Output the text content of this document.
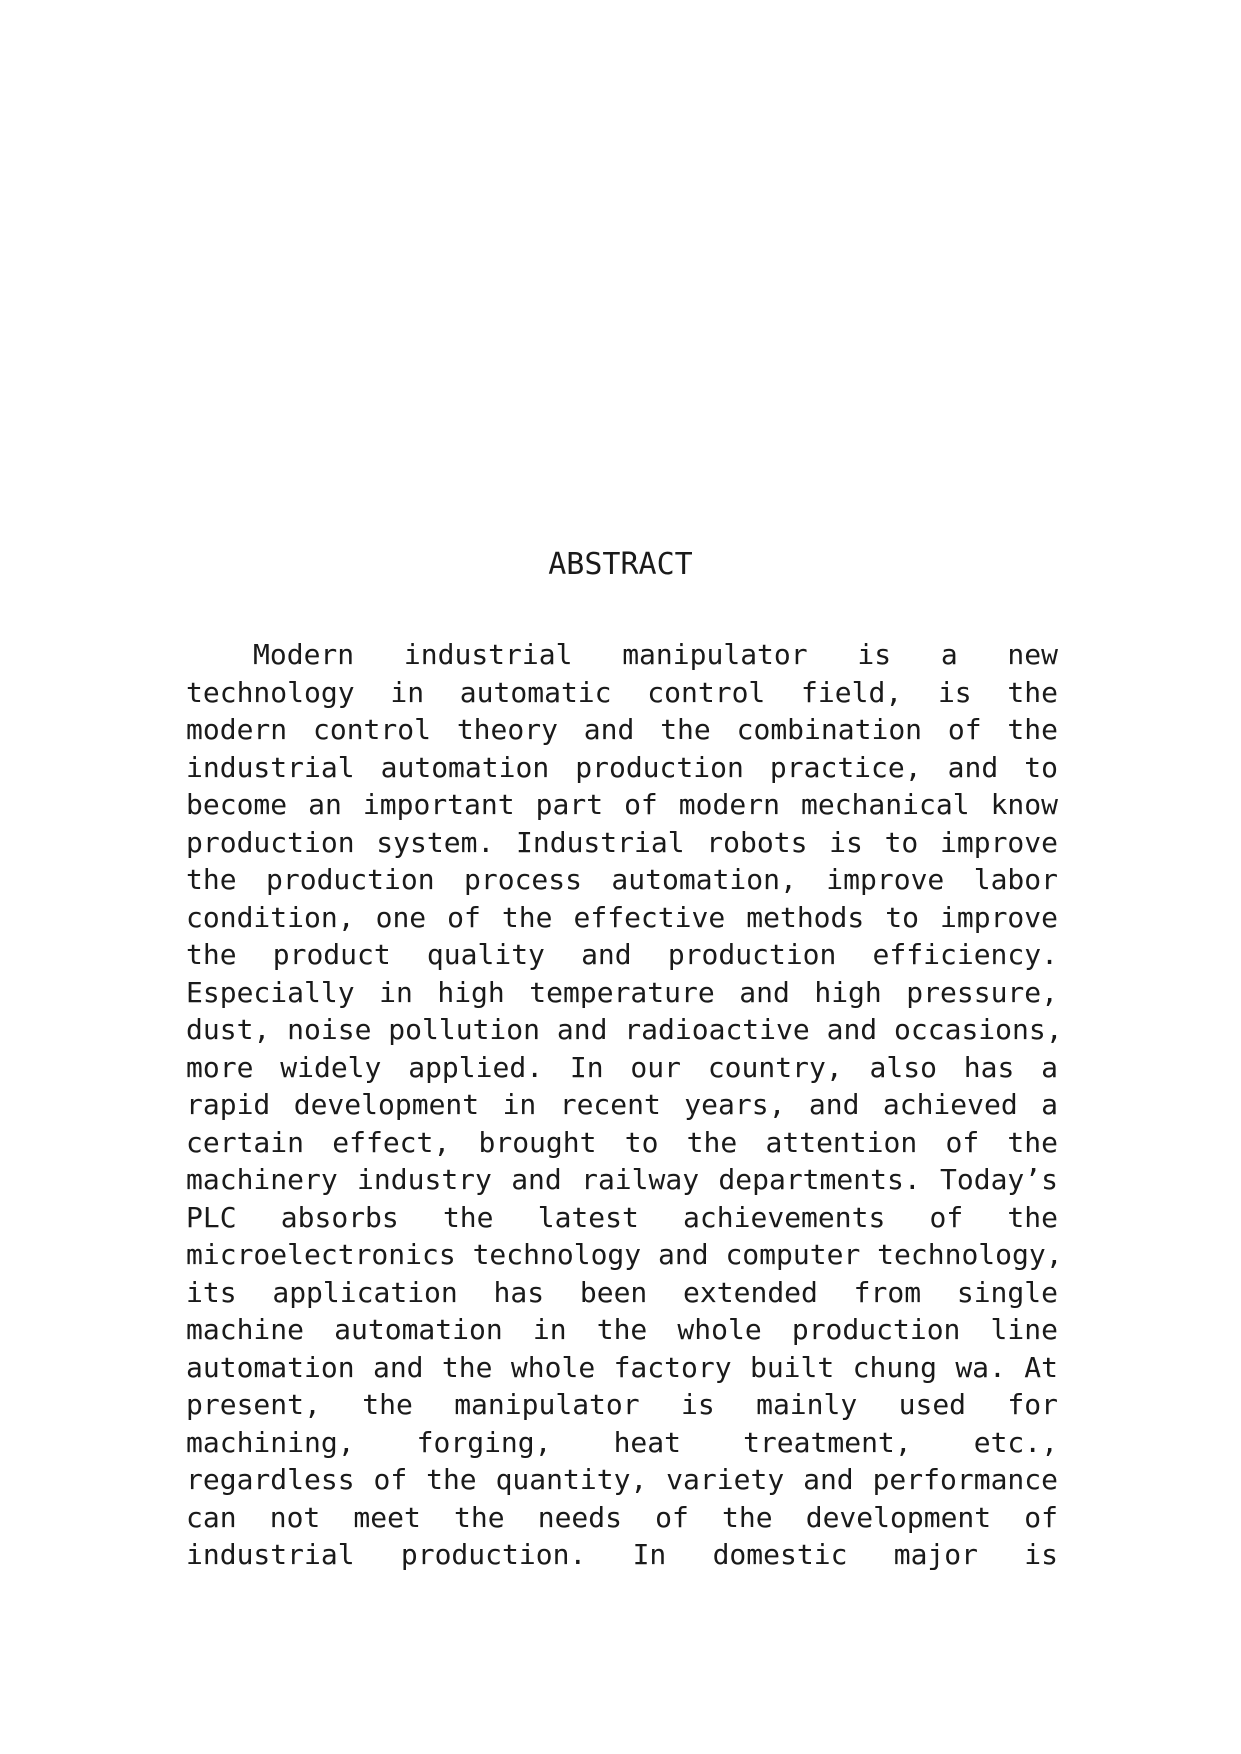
ABSTRACT
Modern industrial manipulator is a new
technology in automatic control field, is the
modern control theory and the combination of the
industrial automation production practice, and to
become an important part of modern mechanical know
production system. Industrial robots is to improve
the production process automation, improve labor
condition, one of the effective methods to improve
the product quality and production efficiency.
Especially in high temperature and high pressure,
dust, noise pollution and radioactive and occasions,
more widely applied. In our country, also has a
rapid development in recent years, and achieved a
certain effect, brought to the attention of the
machinery industry and railway departments. Today’s
PLC absorbs the latest achievements of the
microelectronics technology and computer technology,
its application has been extended from single
machine automation in the whole production line
automation and the whole factory built chung wa. At
present, the manipulator is mainly used for
machining, forging, heat treatment, etc.,
regardless of the quantity, variety and performance
can not meet the needs of the development of
industrial production. In domestic major is
